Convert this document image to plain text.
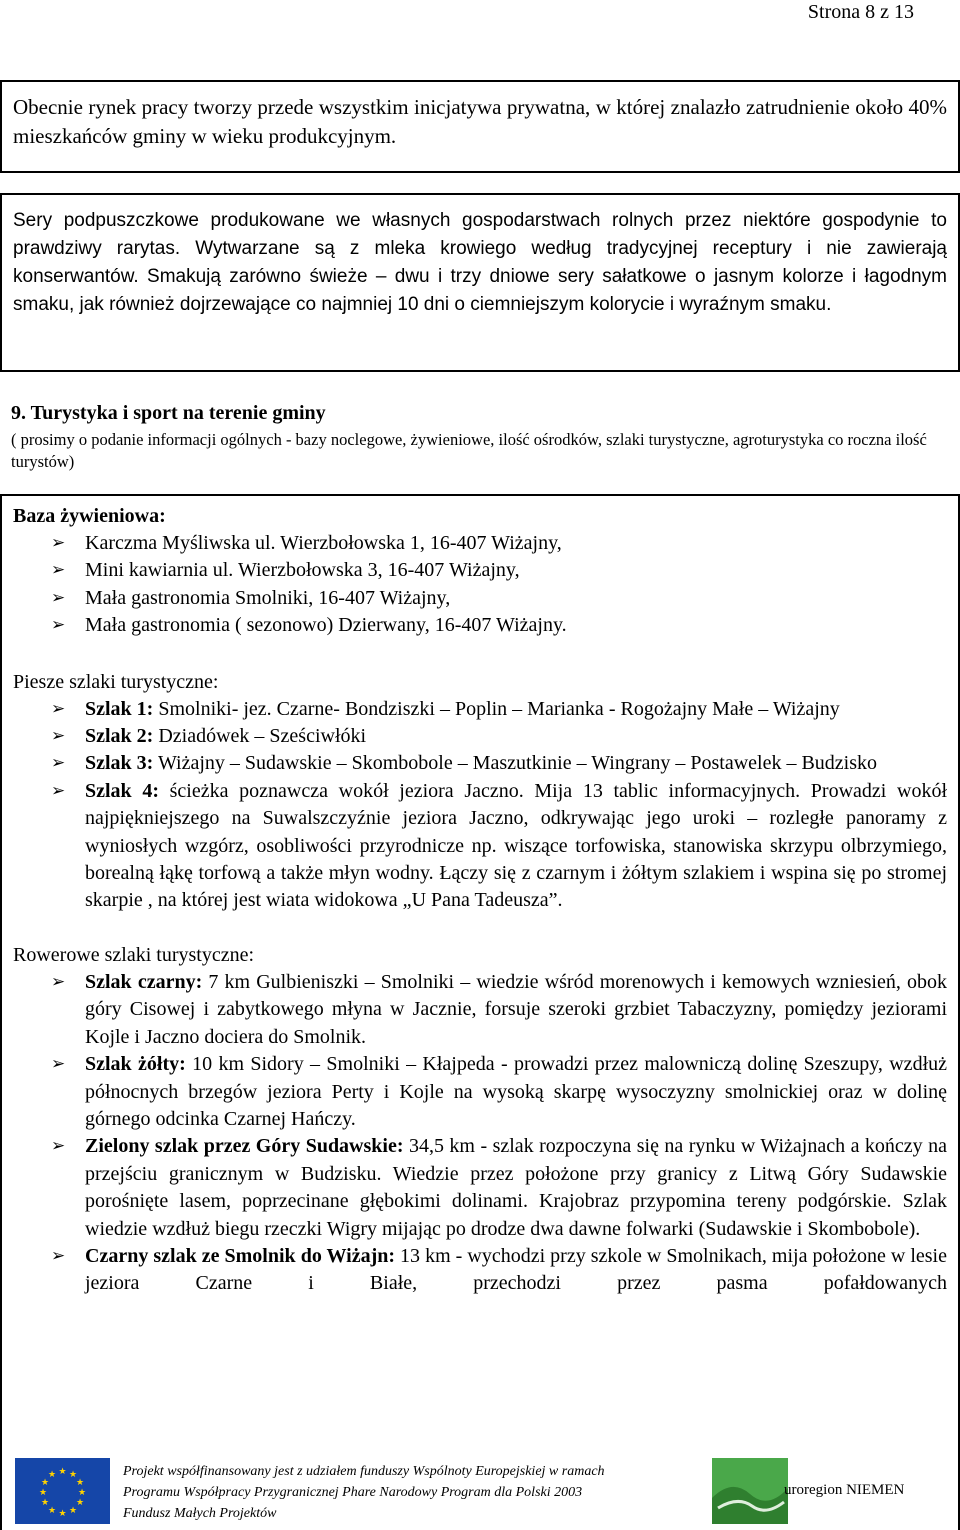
Strona 8 z 13

Obecnie rynek pracy tworzy przede wszystkim inicjatywa prywatna, w której znalazło zatrudnienie około 40% mieszkańców gminy w wieku produkcyjnym.

Sery podpuszczkowe produkowane we własnych gospodarstwach rolnych przez niektóre gospodynie to prawdziwy rarytas. Wytwarzane są z mleka krowiego według tradycyjnej receptury i nie zawierają konserwantów. Smakują zarówno świeże – dwu i trzy dniowe sery sałatkowe o jasnym kolorze i łagodnym smaku, jak również dojrzewające co najmniej 10 dni o ciemniejszym kolorycie i wyraźnym smaku.

9. Turystyka i sport na terenie gminy

( prosimy o podanie informacji ogólnych - bazy noclegowe, żywieniowe, ilość ośrodków, szlaki turystyczne, agroturystyka co roczna ilość turystów)

Baza żywieniowa:

➢ Karczma Myśliwska ul. Wierzbołowska 1, 16-407 Wiżajny,
➢ Mini kawiarnia ul. Wierzbołowska 3, 16-407 Wiżajny,
➢ Mała gastronomia Smolniki, 16-407 Wiżajny,
➢ Mała gastronomia ( sezonowo) Dzierwany, 16-407 Wiżajny.

Piesze szlaki turystyczne:

➢ Szlak 1: Smolniki- jez. Czarne- Bondziszki – Poplin – Marianka - Rogożajny Małe – Wiżajny
➢ Szlak 2: Dziadówek – Sześciwłóki
➢ Szlak 3: Wiżajny – Sudawskie – Skombobole – Maszutkinie – Wingrany – Postawelek – Budzisko
➢ Szlak 4: ścieżka poznawcza wokół jeziora Jaczno. Mija 13 tablic informacyjnych. Prowadzi wokół najpiękniejszego na Suwalszczyźnie jeziora Jaczno, odkrywając jego uroki – rozległe panoramy z wyniosłych wzgórz, osobliwości przyrodnicze np. wiszące torfowiska, stanowiska skrzypu olbrzymiego, borealną łąkę torfową a także młyn wodny. Łączy się z czarnym i żółtym szlakiem i wspina się po stromej skarpie , na której jest wiata widokowa „U Pana Tadeusza”.

Rowerowe szlaki turystyczne:

➢ Szlak czarny: 7 km Gulbieniszki – Smolniki – wiedzie wśród morenowych i kemowych wzniesień, obok góry Cisowej i zabytkowego młyna w Jacznie, forsuje szeroki grzbiet Tabaczyzny, pomiędzy jeziorami Kojle i Jaczno dociera do Smolnik.
➢ Szlak żółty: 10 km Sidory – Smolniki – Kłajpeda - prowadzi przez malowniczą dolinę Szeszupy, wzdłuż północnych brzegów jeziora Perty i Kojle na wysoką skarpę wysoczyzny smolnickiej oraz w dolinę górnego odcinka Czarnej Hańczy.
➢ Zielony szlak przez Góry Sudawskie: 34,5 km - szlak rozpoczyna się na rynku w Wiżajnach a kończy na przejściu granicznym w Budzisku. Wiedzie przez położone przy granicy z Litwą Góry Sudawskie porośnięte lasem, poprzecinane głębokimi dolinami. Krajobraz przypomina tereny podgórskie. Szlak wiedzie wzdłuż biegu rzeczki Wigry mijając po drodze dwa dawne folwarki (Sudawskie i Skombobole).
➢ Czarny szlak ze Smolnik do Wiżajn: 13 km - wychodzi przy szkole w Smolnikach, mija położone w lesie jeziora Czarne i Białe, przechodzi przez pasma pofałdowanych
★ ★
★
★
★
★
★
★
★
★
★
★	Projekt współfinansowany jest z udziałem funduszy Wspólnoty Europejskiej w ramach
Programu Współpracy Przygranicznej Phare Narodowy Program dla Polski 2003
Fundusz Małych Projektów
uroregion NIEMEN
